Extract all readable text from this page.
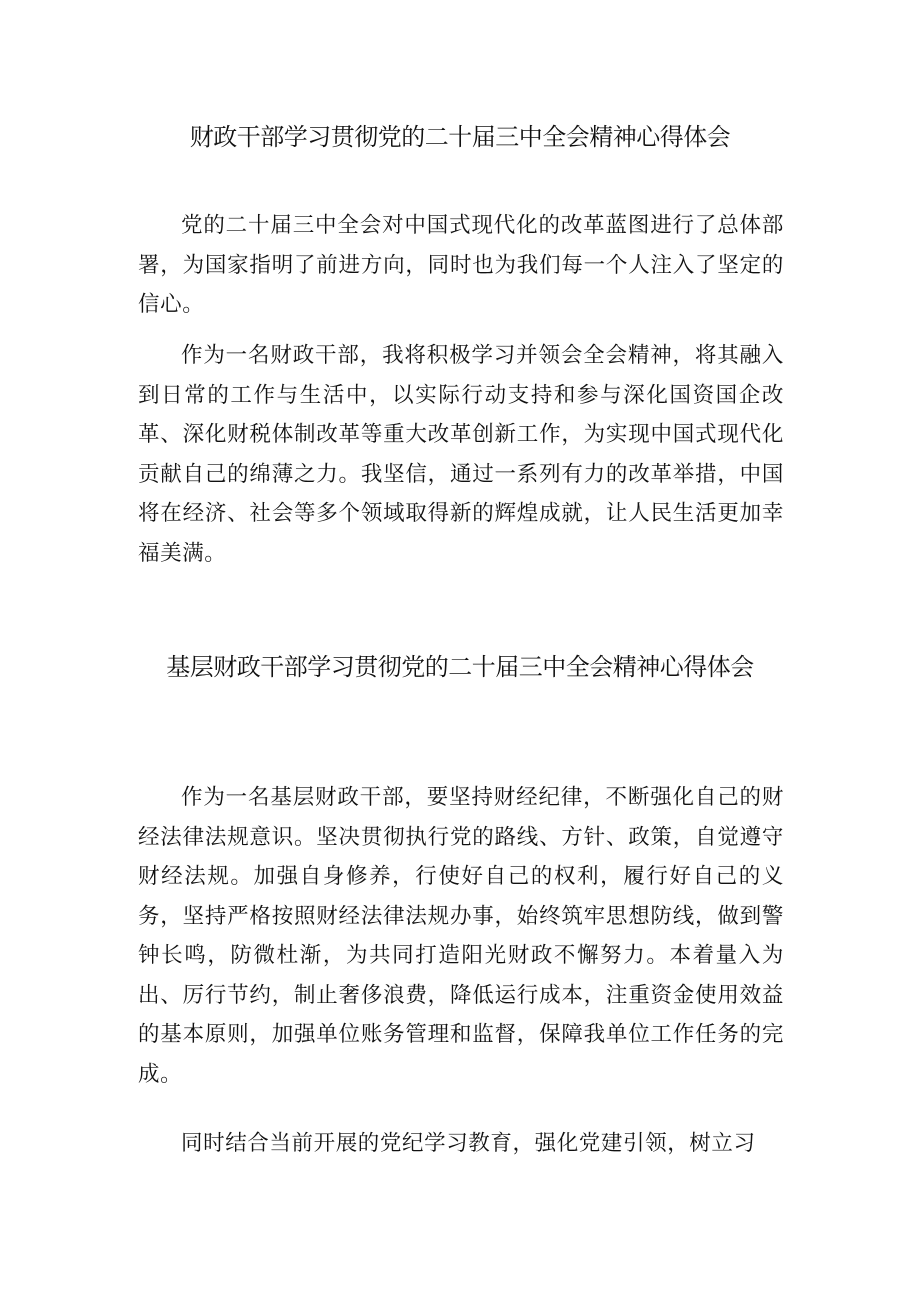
财政干部学习贯彻党的二十届三中全会精神心得体会

党的二十届三中全会对中国式现代化的改革蓝图进行了总体部署，为国家指明了前进方向，同时也为我们每一个人注入了坚定的信心。

作为一名财政干部，我将积极学习并领会全会精神，将其融入到日常的工作与生活中，以实际行动支持和参与深化国资国企改革、深化财税体制改革等重大改革创新工作，为实现中国式现代化贡献自己的绵薄之力。我坚信，通过一系列有力的改革举措，中国将在经济、社会等多个领域取得新的辉煌成就，让人民生活更加幸福美满。

基层财政干部学习贯彻党的二十届三中全会精神心得体会

作为一名基层财政干部，要坚持财经纪律，不断强化自己的财经法律法规意识。坚决贯彻执行党的路线、方针、政策，自觉遵守财经法规。加强自身修养，行使好自己的权利，履行好自己的义务，坚持严格按照财经法律法规办事，始终筑牢思想防线，做到警钟长鸣，防微杜渐，为共同打造阳光财政不懈努力。本着量入为出、厉行节约，制止奢侈浪费，降低运行成本，注重资金使用效益的基本原则，加强单位账务管理和监督，保障我单位工作任务的完成。

同时结合当前开展的党纪学习教育，强化党建引领，树立习
